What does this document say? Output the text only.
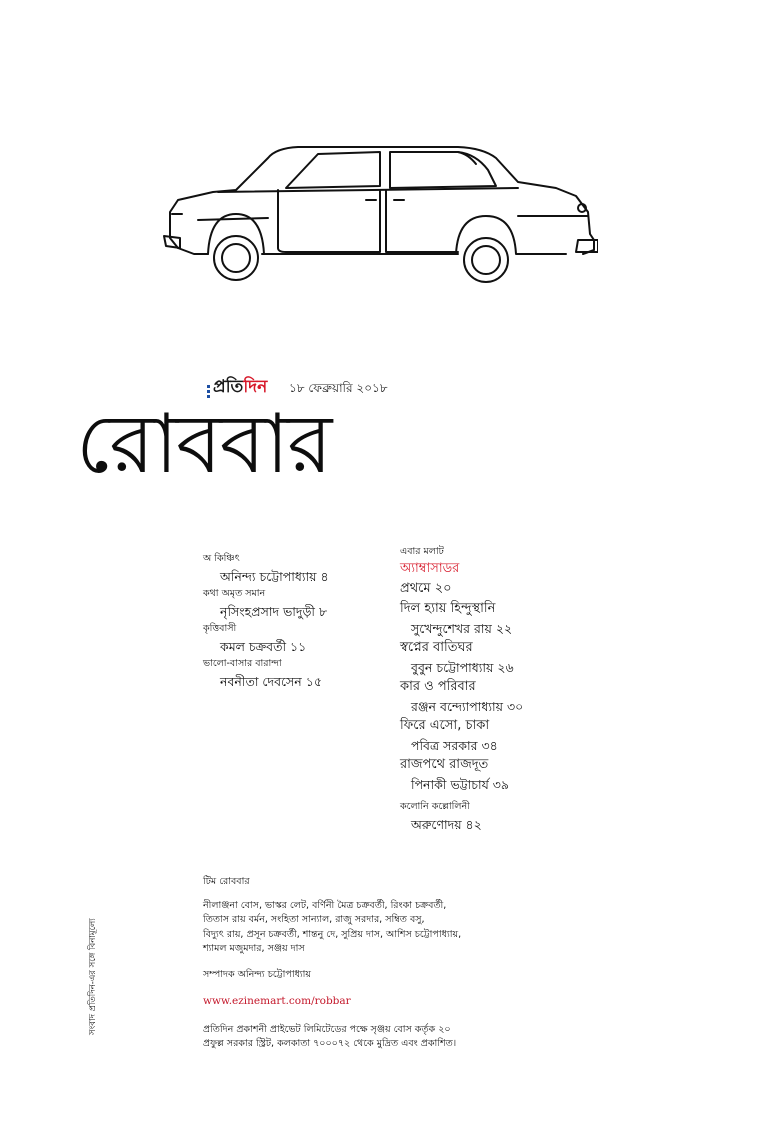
প্রতি দিন ১৮ ফেব্রুয়ারি ২০১৮
রোববার
অ কিঞ্চিৎ
অনিন্দ্য চট্টোপাধ্যায় ৪
কথা অমৃত সমান
নৃসিংহপ্রসাদ ভাদুড়ী ৮
কৃত্তিবাসী
কমল চক্রবর্তী ১১
ভালো-বাসার বারান্দা
নবনীতা দেবসেন ১৫
এবার মলাট
অ্যাম্বাসাডর
প্রথমে ২০
দিল হ্যায় হিন্দুস্থানি
সুখেন্দুশেখর রায় ২২
স্বপ্নের বাতিঘর
বুবুন চট্টোপাধ্যায় ২৬
কার ও পরিবার
রঞ্জন বন্দ্যোপাধ্যায় ৩০
ফিরে এসো, চাকা
পবিত্র সরকার ৩৪
রাজপথে রাজদূত
পিনাকী ভট্টাচার্য ৩৯
কলোনি কল্লোলিনী
অরুণোদয় ৪২
টিম রোববার
নীলাঞ্জনা বোস, ভাস্কর লেট, বর্ণিনী মৈত্র চক্রবর্তী, রিংকা চক্রবর্তী,
তিতাস রায় বর্মন, সংহিতা সান্যাল, রাজু সরদার, সম্বিত বসু,
বিদ্যুৎ রায়, প্রসূন চক্রবর্তী, শান্তনু দে, সুপ্রিয় দাস, আশিস চট্টোপাধ্যায়,
শ্যামল মজুমদার, সঞ্জয় দাস
সম্পাদক অনিন্দ্য চট্টোপাধ্যায়
www.ezinemart.com/robbar
প্রতিদিন প্রকাশনী প্রাইভেট লিমিটেডের পক্ষে সৃঞ্জয় বোস কর্তৃক ২০
প্রফুল্ল সরকার স্ট্রিট, কলকাতা ৭০০০৭২ থেকে মুদ্রিত এবং প্রকাশিত।
সংবাদ প্রতিদিন-এর সঙ্গে বিনামূল্যে
